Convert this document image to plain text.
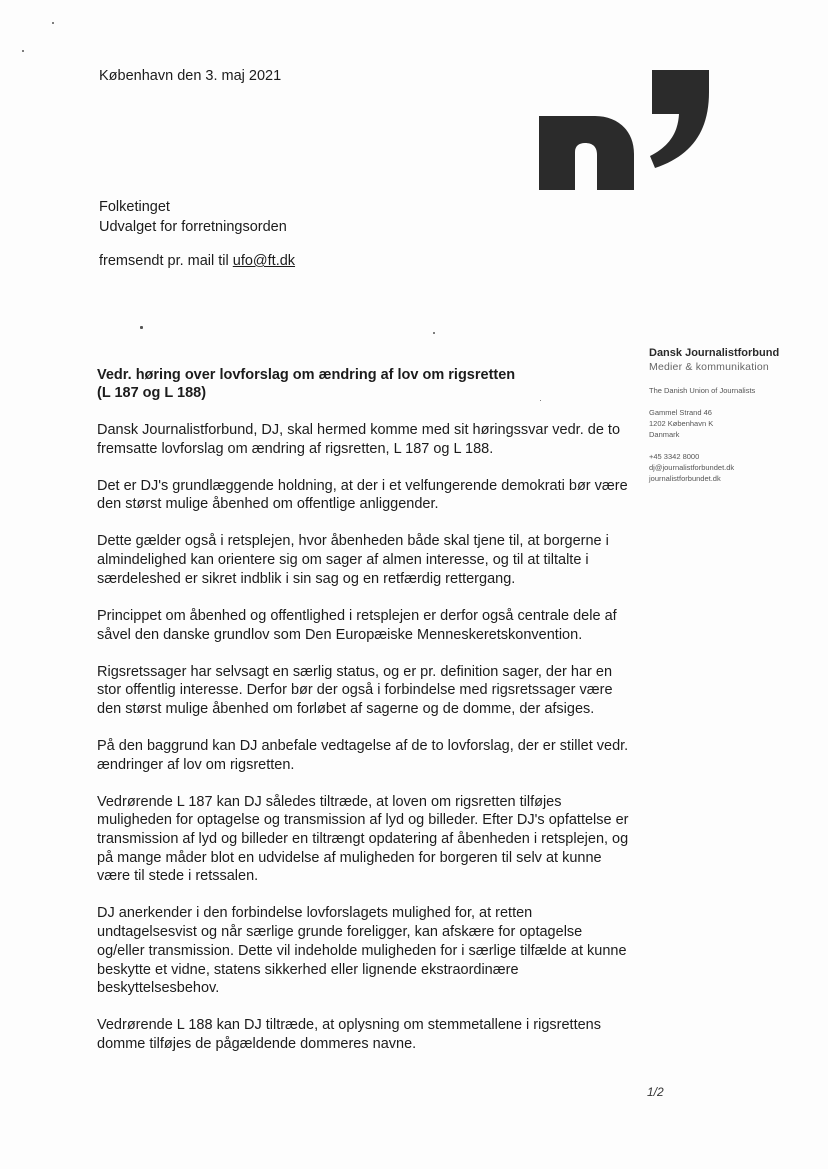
København den 3. maj 2021
Folketinget
Udvalget for forretningsorden
fremsendt pr. mail til ufo@ft.dk
Dansk Journalistforbund
Medier & kommunikation
The Danish Union of Journalists
Gammel Strand 46
1202 København K
Danmark
+45 3342 8000
dj@journalistforbundet.dk
journalistforbundet.dk
Vedr. høring over lovforslag om ændring af lov om rigsretten
(L 187 og L 188)

Dansk Journalistforbund, DJ, skal hermed komme med sit høringssvar vedr. de to fremsatte lovforslag om ændring af rigsretten, L 187 og L 188.

Det er DJ's grundlæggende holdning, at der i et velfungerende demokrati bør være den størst mulige åbenhed om offentlige anliggender.

Dette gælder også i retsplejen, hvor åbenheden både skal tjene til, at borgerne i almindelighed kan orientere sig om sager af almen interesse, og til at tiltalte i særdeleshed er sikret indblik i sin sag og en retfærdig rettergang.

Princippet om åbenhed og offentlighed i retsplejen er derfor også centrale dele af såvel den danske grundlov som Den Europæiske Menneskeretskonvention.

Rigsretssager har selvsagt en særlig status, og er pr. definition sager, der har en stor offentlig interesse. Derfor bør der også i forbindelse med rigsretssager være den størst mulige åbenhed om forløbet af sagerne og de domme, der afsiges.

På den baggrund kan DJ anbefale vedtagelse af de to lovforslag, der er stillet vedr. ændringer af lov om rigsretten.

Vedrørende L 187 kan DJ således tiltræde, at loven om rigsretten tilføjes muligheden for optagelse og transmission af lyd og billeder. Efter DJ's opfattelse er transmission af lyd og billeder en tiltrængt opdatering af åbenheden i retsplejen, og på mange måder blot en udvidelse af muligheden for borgeren til selv at kunne være til stede i retssalen.

DJ anerkender i den forbindelse lovforslagets mulighed for, at retten undtagelsesvist og når særlige grunde foreligger, kan afskære for optagelse og/eller transmission. Dette vil indeholde muligheden for i særlige tilfælde at kunne beskytte et vidne, statens sikkerhed eller lignende ekstraordinære beskyttelsesbehov.

Vedrørende L 188 kan DJ tiltræde, at oplysning om stemmetallene i rigsrettens domme tilføjes de pågældende dommeres navne.

1/2
